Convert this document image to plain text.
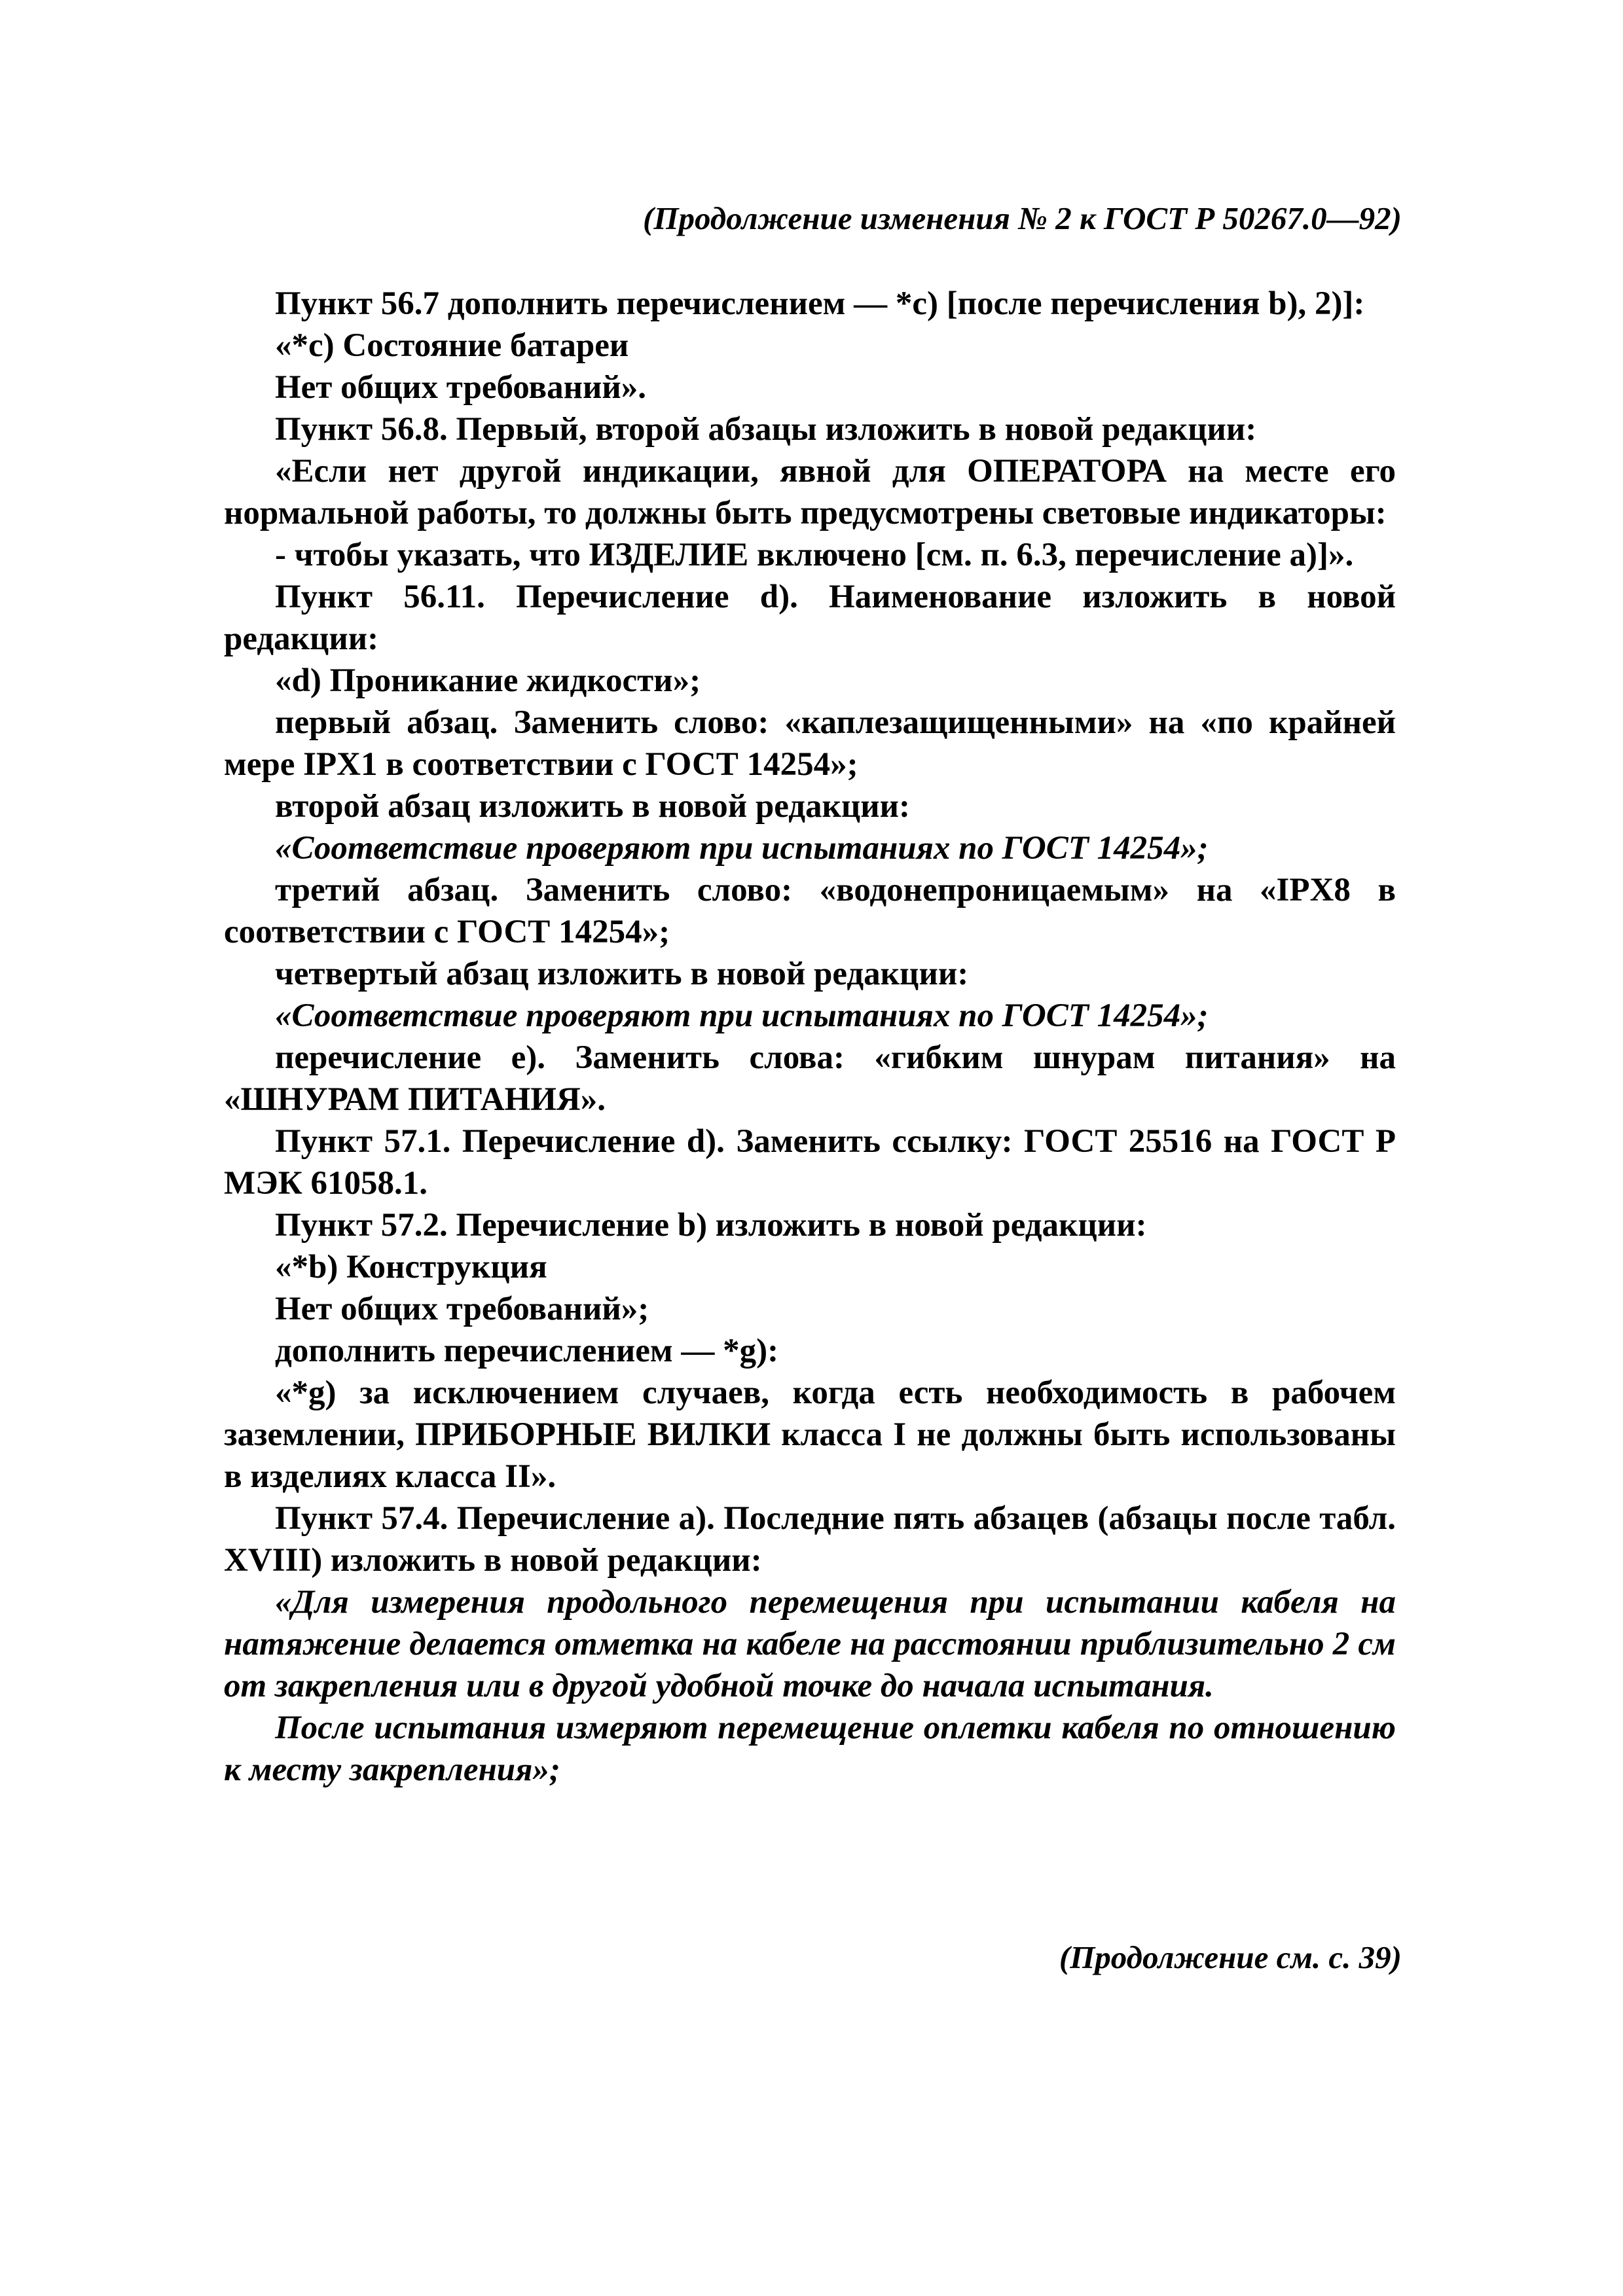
(Продолжение изменения № 2 к ГОСТ Р 50267.0—92)

Пункт 56.7 дополнить перечислением — *с) [после перечисления b), 2)]:

«*с) Состояние батареи

Нет общих требований».

Пункт 56.8. Первый, второй абзацы изложить в новой редакции:

«Если нет другой индикации, явной для ОПЕРАТОРА на месте его нормальной работы, то должны быть предусмотрены световые индикаторы:

- чтобы указать, что ИЗДЕЛИЕ включено [см. п. 6.3, перечисление а)]».

Пункт 56.11. Перечисление d). Наименование изложить в новой редакции:

«d) Проникание жидкости»;

первый абзац. Заменить слово: «каплезащищенными» на «по крайней мере IPX1 в соответствии с ГОСТ 14254»;

второй абзац изложить в новой редакции:

«Соответствие проверяют при испытаниях по ГОСТ 14254»;

третий абзац. Заменить слово: «водонепроницаемым» на «IPX8 в соответствии с ГОСТ 14254»;

четвертый абзац изложить в новой редакции:

«Соответствие проверяют при испытаниях по ГОСТ 14254»;

перечисление е). Заменить слова: «гибким шнурам питания» на «ШНУРАМ ПИТАНИЯ».

Пункт 57.1. Перечисление d). Заменить ссылку: ГОСТ 25516 на ГОСТ Р МЭК 61058.1.

Пункт 57.2. Перечисление b) изложить в новой редакции:

«*b) Конструкция

Нет общих требований»;

дополнить перечислением — *g):

«*g) за исключением случаев, когда есть необходимость в рабочем заземлении, ПРИБОРНЫЕ ВИЛКИ класса I не должны быть использованы в изделиях класса II».

Пункт 57.4. Перечисление а). Последние пять абзацев (абзацы после табл. XVIII) изложить в новой редакции:

«Для измерения продольного перемещения при испытании кабеля на натяжение делается отметка на кабеле на расстоянии приблизительно 2 см от закрепления или в другой удобной точке до начала испытания.

После испытания измеряют перемещение оплетки кабеля по отношению к месту закрепления»;

(Продолжение см. с. 39)
